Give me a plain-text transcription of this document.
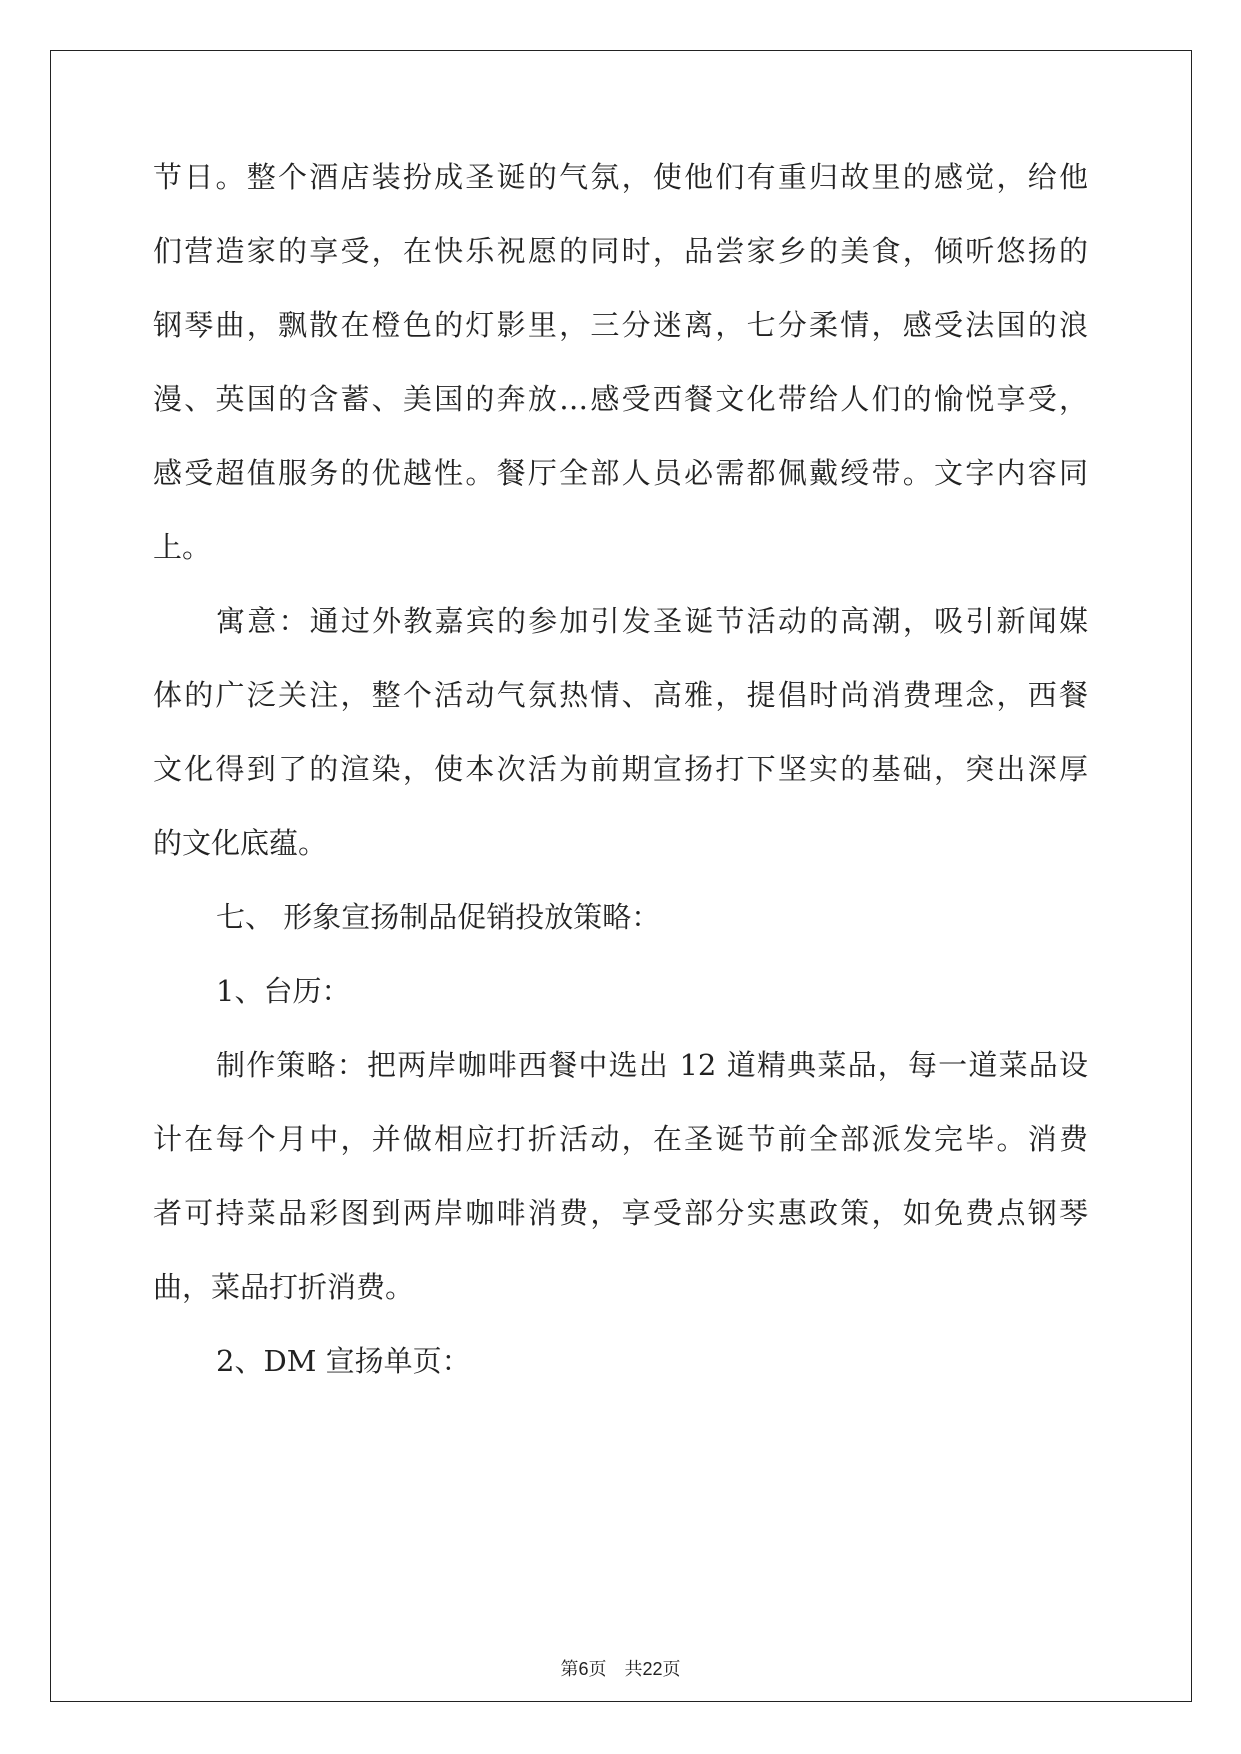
节日。整个酒店装扮成圣诞的气氛，使他们有重归故里的感觉，给他
们营造家的享受，在快乐祝愿的同时，品尝家乡的美食，倾听悠扬的
钢琴曲，飘散在橙色的灯影里，三分迷离，七分柔情，感受法国的浪
漫、英国的含蓄、美国的奔放…感受西餐文化带给人们的愉悦享受，
感受超值服务的优越性。餐厅全部人员必需都佩戴绶带。文字内容同
上。
寓意：通过外教嘉宾的参加引发圣诞节活动的高潮，吸引新闻媒
体的广泛关注，整个活动气氛热情、高雅，提倡时尚消费理念，西餐
文化得到了的渲染，使本次活为前期宣扬打下坚实的基础，突出深厚
的文化底蕴。
七、 形象宣扬制品促销投放策略：
1、台历：
制作策略：把两岸咖啡西餐中选出 12 道精典菜品，每一道菜品设
计在每个月中，并做相应打折活动，在圣诞节前全部派发完毕。消费
者可持菜品彩图到两岸咖啡消费，享受部分实惠政策，如免费点钢琴
曲，菜品打折消费。
2、DM 宣扬单页：
第6页 共22页
